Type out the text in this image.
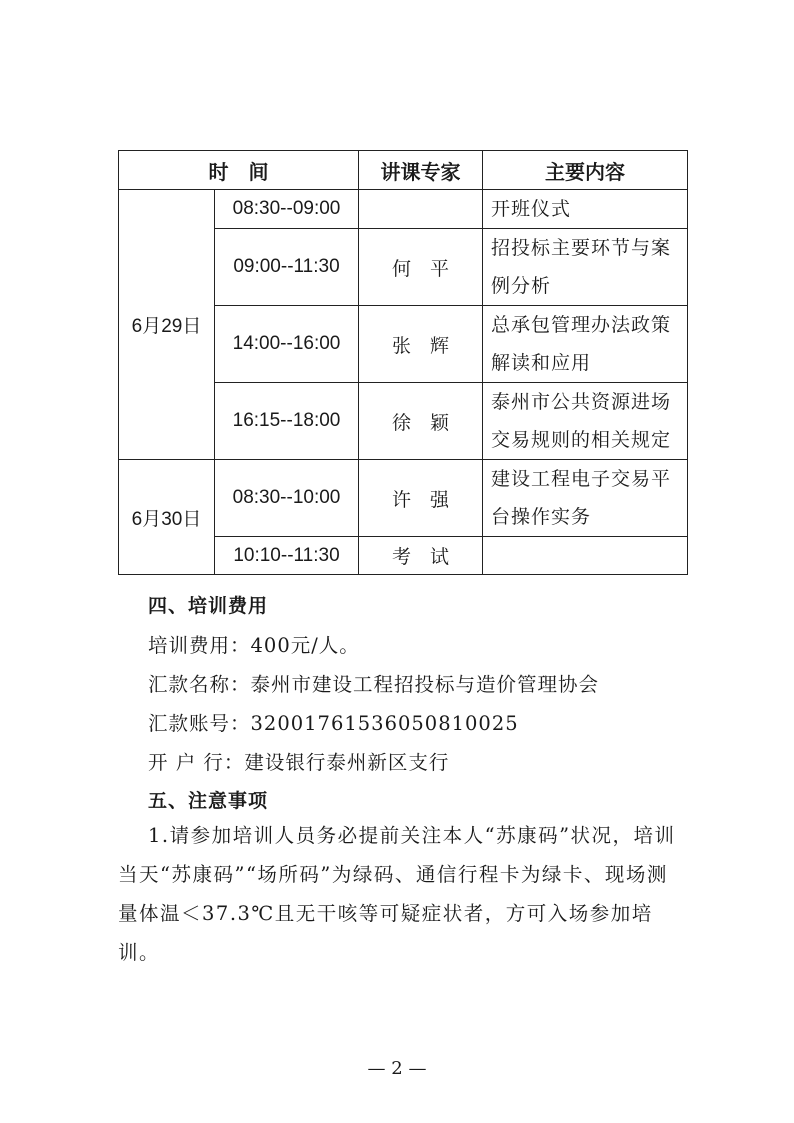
时　间		讲课专家	主要内容
6月29日	08:30--09:00		开班仪式

	09:00--11:30	何　平	招投标主要环节与案
例分析

	14:00--16:00	张　辉	总承包管理办法政策
解读和应用

	16:15--18:00	徐　颖	泰州市公共资源进场
交易规则的相关规定

6月30日	08:30--10:00	许　强	建设工程电子交易平
台操作实务

	10:10--11:30	考　试	
四、培训费用
培训费用：400元/人。
汇款名称：泰州市建设工程招投标与造价管理协会
汇款账号：32001761536050810025
开 户 行：建设银行泰州新区支行
五、注意事项
1.请参加培训人员务必提前关注本人“苏康码”状况，培训当天“苏康码”“场所码”为绿码、通信行程卡为绿卡、现场测量体温＜37.3℃且无干咳等可疑症状者，方可入场参加培训。
— 2 —
